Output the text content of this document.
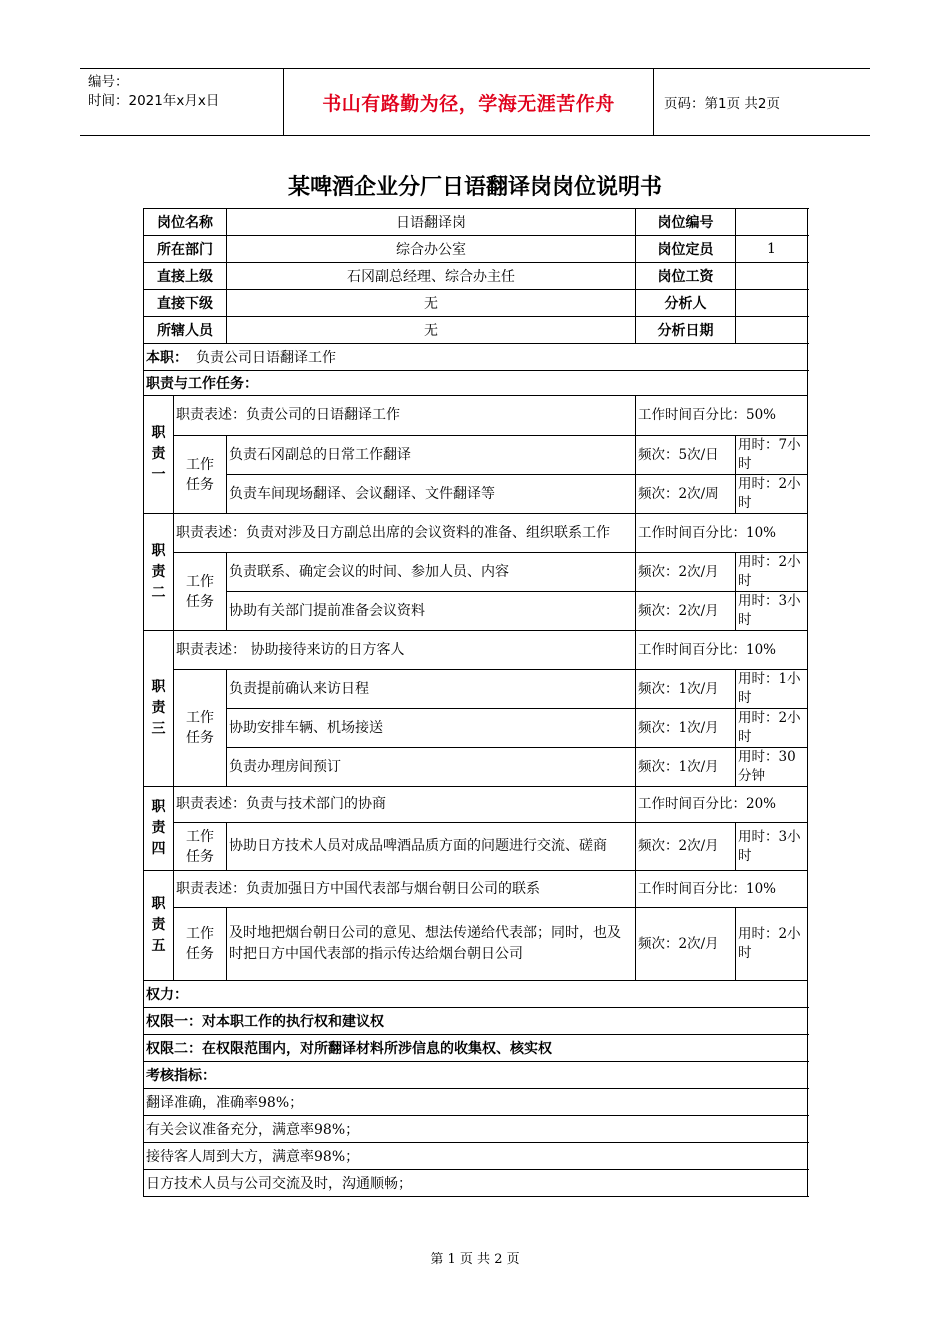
编号：
时间：2021年x月x日	书山有路勤为径，学海无涯苦作舟	页码：第1页 共2页
某啤酒企业分厂日语翻译岗岗位说明书
岗位名称		日语翻译岗	岗位编号	
所在部门		综合办公室	岗位定员	1
直接上级		石冈副总经理、综合办主任	岗位工资	
直接下级		无	分析人	
所辖人员		无	分析日期	
本职： 负责公司日语翻译工作				
职责与工作任务：				
职责一	职责表述：负责公司的日语翻译工作		工作时间百分比：50%	
	工作任务	负责石冈副总的日常工作翻译	频次：5次/日	用时：7小时
		负责车间现场翻译、会议翻译、文件翻译等	频次：2次/周	用时：2小时
职责二	职责表述：负责对涉及日方副总出席的会议资料的准备、组织联系工作		工作时间百分比：10%	
	工作任务	负责联系、确定会议的时间、参加人员、内容	频次：2次/月	用时：2小时
		协助有关部门提前准备会议资料	频次：2次/月	用时：3小时
职责三	职责表述： 协助接待来访的日方客人		工作时间百分比：10%	
	工作任务	负责提前确认来访日程	频次：1次/月	用时：1小时
		协助安排车辆、机场接送	频次：1次/月	用时：2小时
		负责办理房间预订	频次：1次/月	用时：30分钟
职责四	职责表述：负责与技术部门的协商		工作时间百分比：20%	
	工作任务	协助日方技术人员对成品啤酒品质方面的问题进行交流、磋商	频次：2次/月	用时：3小时
职责五	职责表述：负责加强日方中国代表部与烟台朝日公司的联系		工作时间百分比：10%	
	工作任务	及时地把烟台朝日公司的意见、想法传递给代表部；同时，也及时把日方中国代表部的指示传达给烟台朝日公司	频次：2次/月	用时：2小时
权力：				
权限一：对本职工作的执行权和建议权				
权限二：在权限范围内，对所翻译材料所涉信息的收集权、核实权				
考核指标：				
翻译准确，准确率98%；				
有关会议准备充分，满意率98%；				
接待客人周到大方，满意率98%；				
日方技术人员与公司交流及时，沟通顺畅；				
第 1 页 共 2 页
